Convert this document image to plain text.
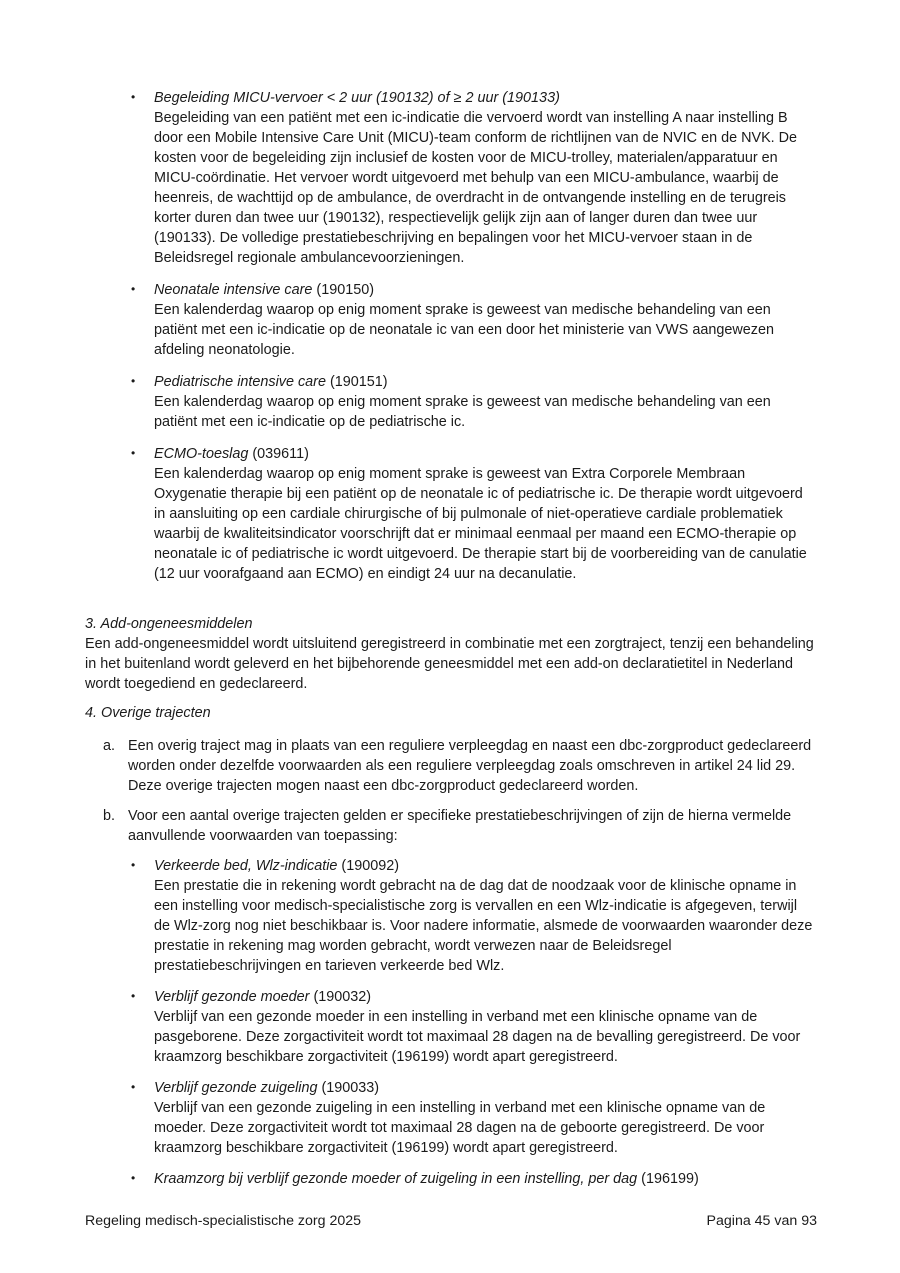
• Begeleiding MICU-vervoer < 2 uur (190132) of ≥ 2 uur (190133)
Begeleiding van een patiënt met een ic-indicatie die vervoerd wordt van instelling A naar instelling B door een Mobile Intensive Care Unit (MICU)-team conform de richtlijnen van de NVIC en de NVK. De kosten voor de begeleiding zijn inclusief de kosten voor de MICU-trolley, materialen/apparatuur en MICU-coördinatie. Het vervoer wordt uitgevoerd met behulp van een MICU-ambulance, waarbij de heenreis, de wachttijd op de ambulance, de overdracht in de ontvangende instelling en de terugreis korter duren dan twee uur (190132), respectievelijk gelijk zijn aan of langer duren dan twee uur (190133). De volledige prestatiebeschrijving en bepalingen voor het MICU-vervoer staan in de Beleidsregel regionale ambulancevoorzieningen.
• Neonatale intensive care (190150)
Een kalenderdag waarop op enig moment sprake is geweest van medische behandeling van een patiënt met een ic-indicatie op de neonatale ic van een door het ministerie van VWS aangewezen afdeling neonatologie.
• Pediatrische intensive care (190151)
Een kalenderdag waarop op enig moment sprake is geweest van medische behandeling van een patiënt met een ic-indicatie op de pediatrische ic.
• ECMO-toeslag (039611)
Een kalenderdag waarop op enig moment sprake is geweest van Extra Corporele Membraan Oxygenatie therapie bij een patiënt op de neonatale ic of pediatrische ic. De therapie wordt uitgevoerd in aansluiting op een cardiale chirurgische of bij pulmonale of niet-operatieve cardiale problematiek waarbij de kwaliteitsindicator voorschrijft dat er minimaal eenmaal per maand een ECMO-therapie op neonatale ic of pediatrische ic wordt uitgevoerd. De therapie start bij de voorbereiding van de canulatie (12 uur voorafgaand aan ECMO) en eindigt 24 uur na decanulatie.
3. Add-ongeneesmiddelen
Een add-ongeneesmiddel wordt uitsluitend geregistreerd in combinatie met een zorgtraject, tenzij een behandeling in het buitenland wordt geleverd en het bijbehorende geneesmiddel met een add-on declaratietitel in Nederland wordt toegediend en gedeclareerd.
4. Overige trajecten
a. Een overig traject mag in plaats van een reguliere verpleegdag en naast een dbc-zorgproduct gedeclareerd worden onder dezelfde voorwaarden als een reguliere verpleegdag zoals omschreven in artikel 24 lid 29. Deze overige trajecten mogen naast een dbc-zorgproduct gedeclareerd worden.
b. Voor een aantal overige trajecten gelden er specifieke prestatiebeschrijvingen of zijn de hierna vermelde aanvullende voorwaarden van toepassing:
• Verkeerde bed, Wlz-indicatie (190092)
Een prestatie die in rekening wordt gebracht na de dag dat de noodzaak voor de klinische opname in een instelling voor medisch-specialistische zorg is vervallen en een Wlz-indicatie is afgegeven, terwijl de Wlz-zorg nog niet beschikbaar is. Voor nadere informatie, alsmede de voorwaarden waaronder deze prestatie in rekening mag worden gebracht, wordt verwezen naar de Beleidsregel prestatiebeschrijvingen en tarieven verkeerde bed Wlz.
• Verblijf gezonde moeder (190032)
Verblijf van een gezonde moeder in een instelling in verband met een klinische opname van de pasgeborene. Deze zorgactiviteit wordt tot maximaal 28 dagen na de bevalling geregistreerd. De voor kraamzorg beschikbare zorgactiviteit (196199) wordt apart geregistreerd.
• Verblijf gezonde zuigeling (190033)
Verblijf van een gezonde zuigeling in een instelling in verband met een klinische opname van de moeder. Deze zorgactiviteit wordt tot maximaal 28 dagen na de geboorte geregistreerd. De voor kraamzorg beschikbare zorgactiviteit (196199) wordt apart geregistreerd.
• Kraamzorg bij verblijf gezonde moeder of zuigeling in een instelling, per dag (196199)
Regeling medisch-specialistische zorg 2025	Pagina 45 van 93
